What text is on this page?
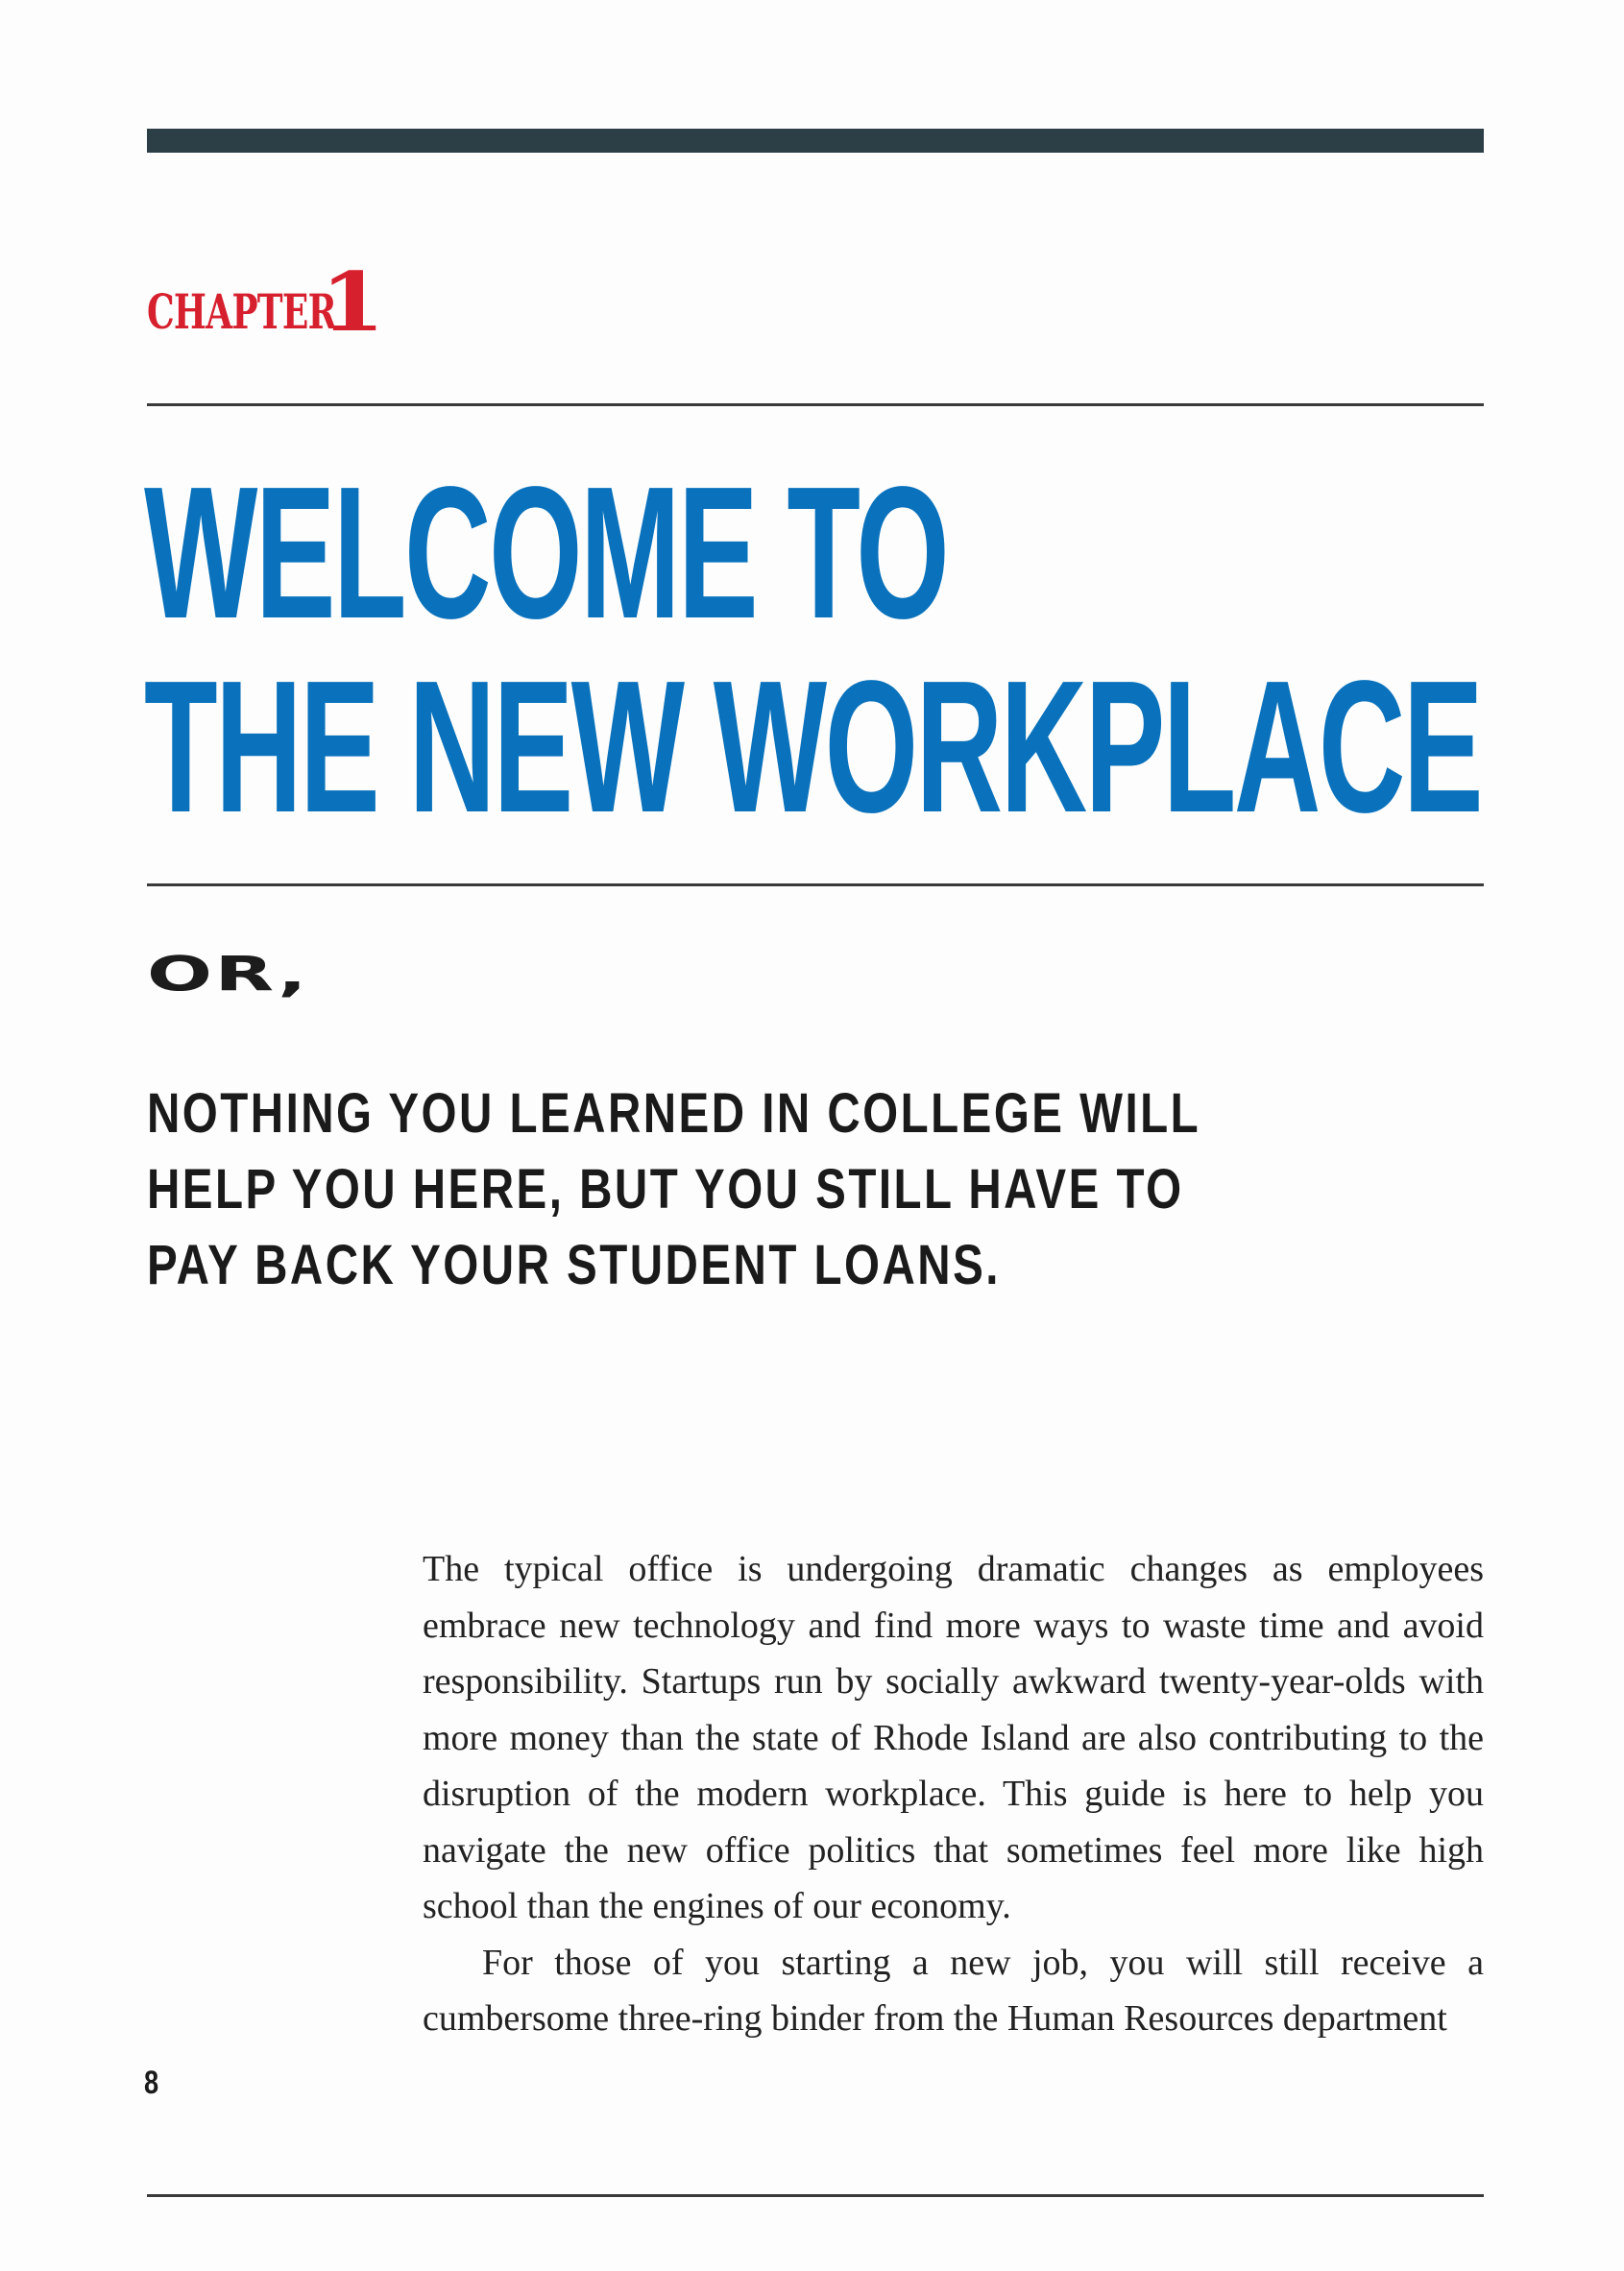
CHAPTER
1
WELCOME TO
THE NEW WORKPLACE
OR,
NOTHING YOU LEARNED IN COLLEGE WILL
HELP YOU HERE, BUT YOU STILL HAVE TO
PAY BACK YOUR STUDENT LOANS.

The typical office is undergoing dramatic changes as employees embrace new technology and find more ways to waste time and avoid responsibility. Startups run by socially awkward twenty-year-olds with more money than the state of Rhode Island are also contributing to the disruption of the modern workplace. This guide is here to help you navigate the new office politics that sometimes feel more like high school than the engines of our economy.

For those of you starting a new job, you will still receive a cumbersome three-ring binder from the Human Resources department

8
